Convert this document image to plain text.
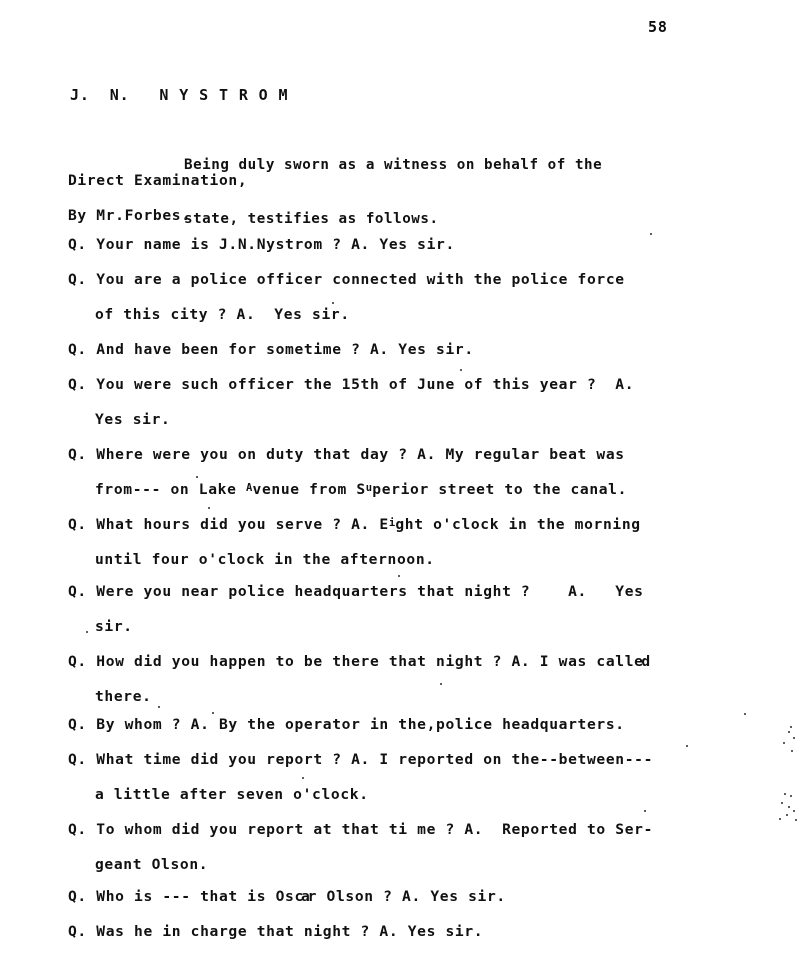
58
J.  N.   N Y S T R O M

Being duly sworn as a witness on behalf of the

state, testifies as follows.

Direct Examination,
By Mr.Forbes.
Q. Your name is J.N.Nystrom ? A. Yes sir.
Q. You are a police officer connected with the police force
of this city ? A.  Yes sir.
Q. And have been for sometime ? A. Yes sir.
Q. You were such officer the 15th of June of this year ?  A.
Yes sir.
Q. Where were you on duty that day ? A. My regular beat was
from--- on Lake $^A$venue from $S^uperior$ street to the canal.
Q. What hours did you serve ? A. $E^ight$ o'clock in the morning
until four o'clock in the afternoon.
Q. Were you near police headquarters that night ?    A.   Yes
sir.
Q. How did you happen to be there that night ? A. I was called
there.
Q. By whom ? A. By the operator in the,police headquarters.
Q. What time did you report ? A. I reported on the--between---
a little after seven o'clock.
Q. To whom did you report at that ti me ? A.  Reported to Ser-
geant Olson.
Q. Who is --- that is Oscar Olson ? A. Yes sir.
Q. Was he in charge that night ? A. Yes sir.
